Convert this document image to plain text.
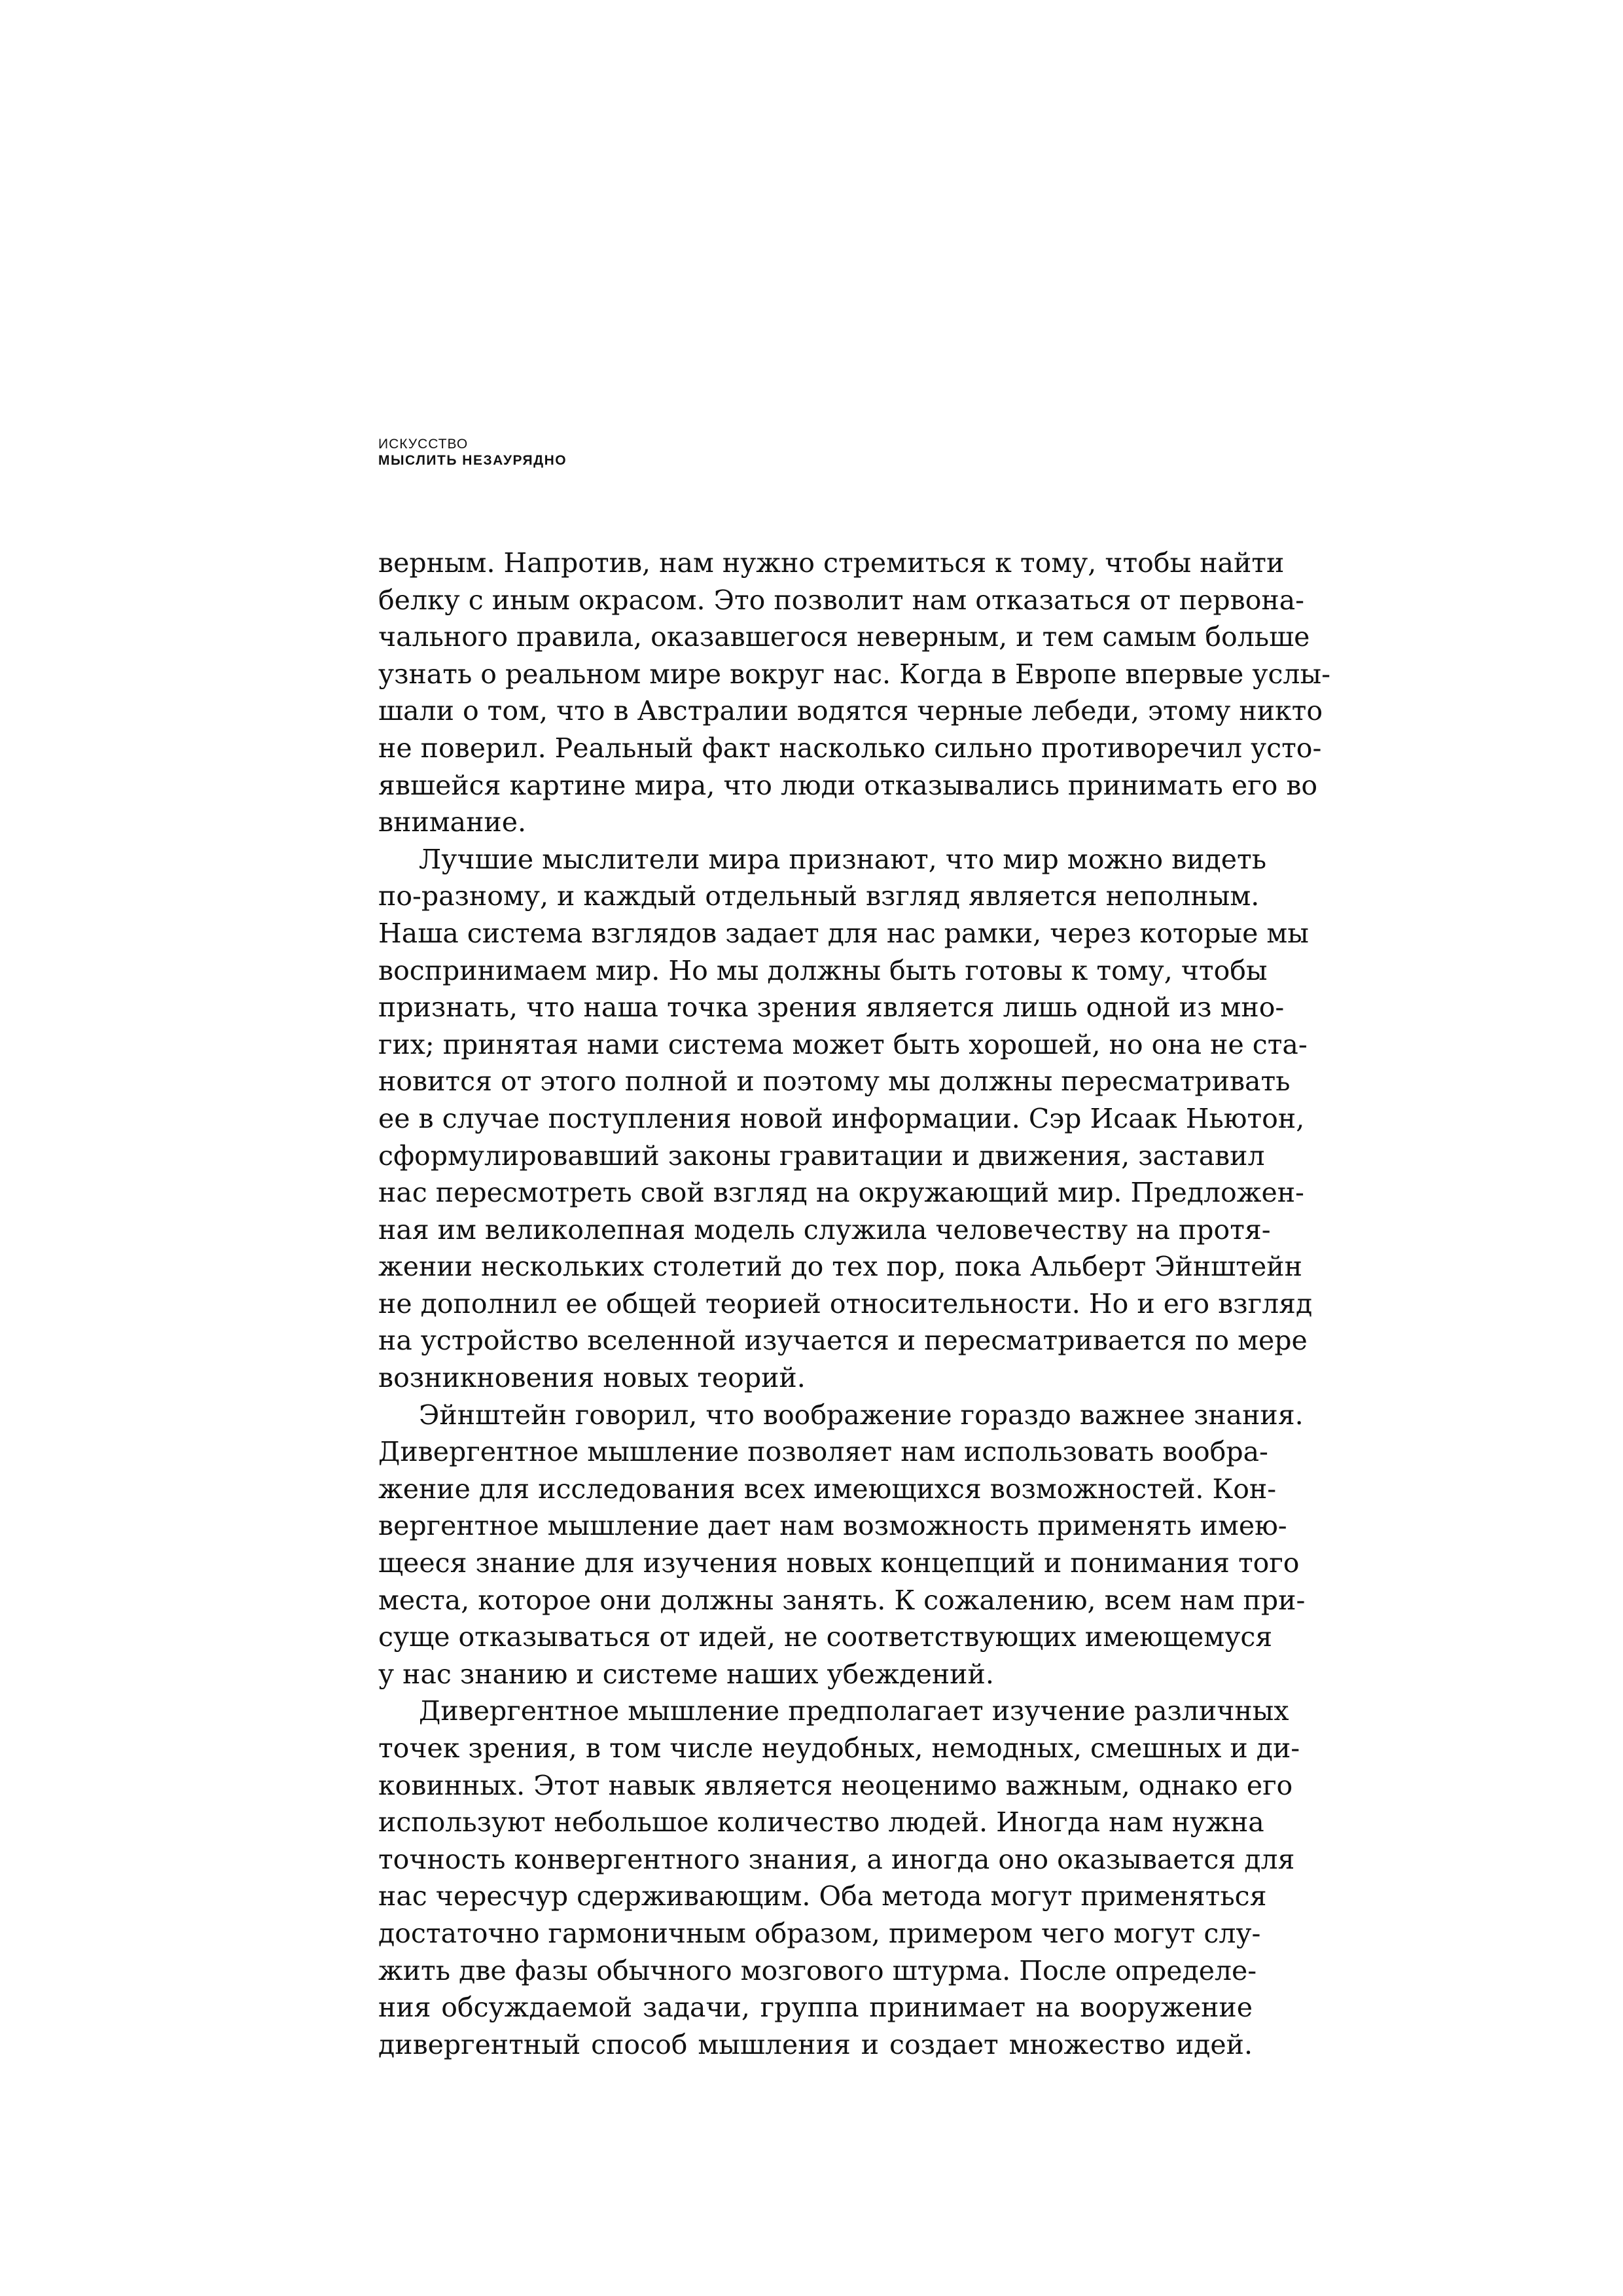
ИСКУССТВО
МЫСЛИТЬ НЕЗАУРЯДНО
верным. Напротив, нам нужно стремиться к тому, чтобы найти
белку с иным окрасом. Это позволит нам отказаться от первона-
чального правила, оказавшегося неверным, и тем самым больше
узнать о реальном мире вокруг нас. Когда в Европе впервые услы-
шали о том, что в Австралии водятся черные лебеди, этому никто
не поверил. Реальный факт насколько сильно противоречил усто-
явшейся картине мира, что люди отказывались принимать его во
внимание.
Лучшие мыслители мира признают, что мир можно видеть
по-разному, и каждый отдельный взгляд является неполным.
Наша система взглядов задает для нас рамки, через которые мы
воспринимаем мир. Но мы должны быть готовы к тому, чтобы
признать, что наша точка зрения является лишь одной из мно-
гих; принятая нами система может быть хорошей, но она не ста-
новится от этого полной и поэтому мы должны пересматривать
ее в случае поступления новой информации. Сэр Исаак Ньютон,
сформулировавший законы гравитации и движения, заставил
нас пересмотреть свой взгляд на окружающий мир. Предложен-
ная им великолепная модель служила человечеству на протя-
жении нескольких столетий до тех пор, пока Альберт Эйнштейн
не дополнил ее общей теорией относительности. Но и его взгляд
на устройство вселенной изучается и пересматривается по мере
возникновения новых теорий.
Эйнштейн говорил, что воображение гораздо важнее знания.
Дивергентное мышление позволяет нам использовать вообра-
жение для исследования всех имеющихся возможностей. Кон-
вергентное мышление дает нам возможность применять имею-
щееся знание для изучения новых концепций и понимания того
места, которое они должны занять. К сожалению, всем нам при-
суще отказываться от идей, не соответствующих имеющемуся
у нас знанию и системе наших убеждений.
Дивергентное мышление предполагает изучение различных
точек зрения, в том числе неудобных, немодных, смешных и ди-
ковинных. Этот навык является неоценимо важным, однако его
используют небольшое количество людей. Иногда нам нужна
точность конвергентного знания, а иногда оно оказывается для
нас чересчур сдерживающим. Оба метода могут применяться
достаточно гармоничным образом, примером чего могут слу-
жить две фазы обычного мозгового штурма. После определе-
ния обсуждаемой задачи, группа принимает на вооружение
дивергентный способ мышления и создает множество идей.
